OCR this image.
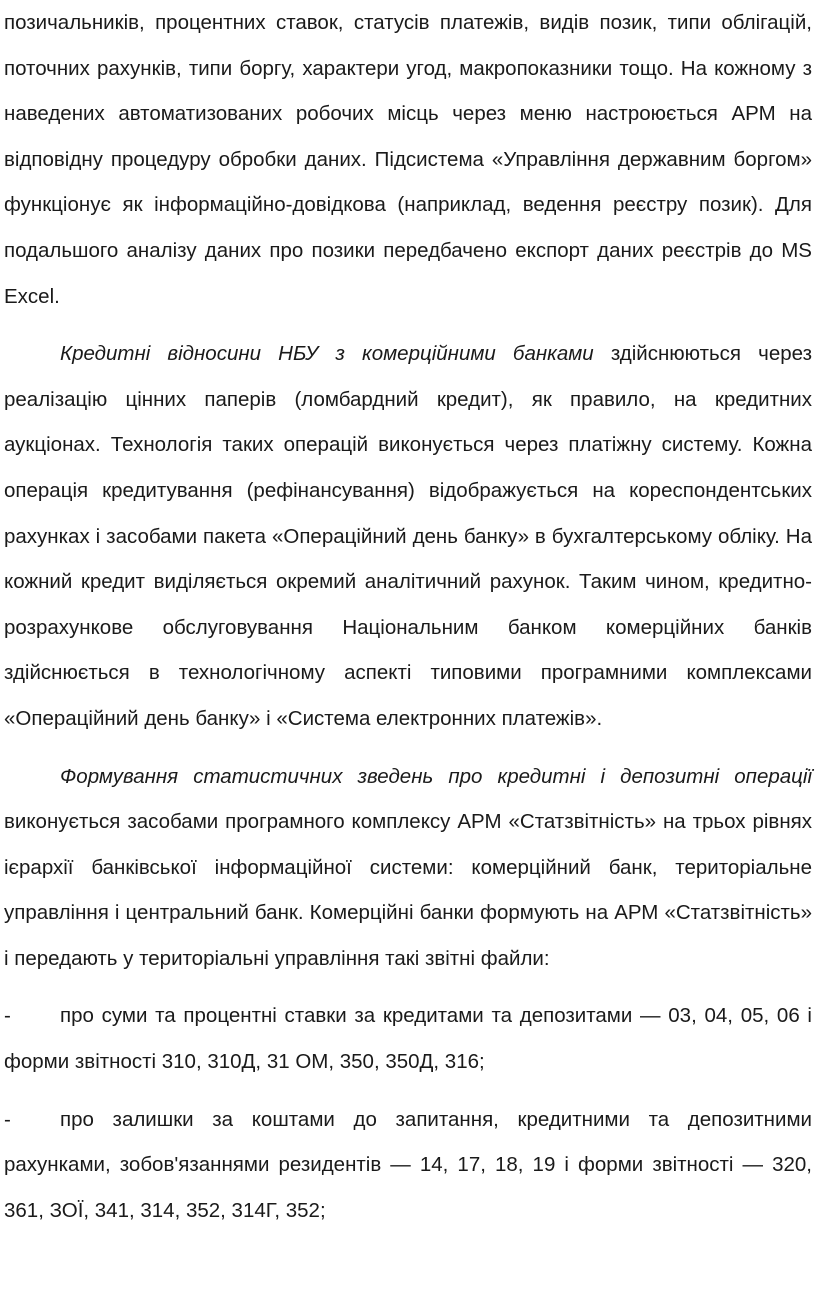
позичальників, процентних ставок, статусів платежів, видів позик, типи облігацій, поточних рахунків, типи боргу, характери угод, макропоказники тощо. На кожному з наведених автоматизованих робочих місць через меню настроюється АРМ на відповідну процедуру обробки даних. Підсистема «Управління державним боргом» функціонує як інформаційно-довідкова (наприклад, ведення реєстру позик). Для подальшого аналізу даних про позики передбачено експорт даних реєстрів до MS Excel.

Кредитні відносини НБУ з комерційними банками здійснюються через реалізацію цінних паперів (ломбардний кредит), як правило, на кредитних аукціонах. Технологія таких операцій виконується через платіжну систему. Кожна операція кредитування (рефінансування) відображується на кореспондентських рахунках і засобами пакета «Операційний день банку» в бухгалтерському обліку. На кожний кредит виділяється окремий аналітичний рахунок. Таким чином, кредитно-розрахункове обслуговування Національним банком комерційних банків здійснюється в технологічному аспекті типовими програмними комплексами «Операційний день банку» і «Система електронних платежів».

Формування статистичних зведень про кредитні і депозитні операції виконується засобами програмного комплексу АРМ «Статзвітність» на трьох рівнях ієрархії банківської інформаційної системи: комерційний банк, територіальне управління і центральний банк. Комерційні банки формують на АРМ «Статзвітність» і передають у територіальні управління такі звітні файли:

- про суми та процентні ставки за кредитами та депозитами — 03, 04, 05, 06 і форми звітності 310, 310Д, 31 ОМ, 350, 350Д, 316;

- про залишки за коштами до запитання, кредитними та депозитними рахунками, зобов'язаннями резидентів — 14, 17, 18, 19 і форми звітності — 320, 361, ЗОЇ, 341, 314, 352, 314Г, 352;
